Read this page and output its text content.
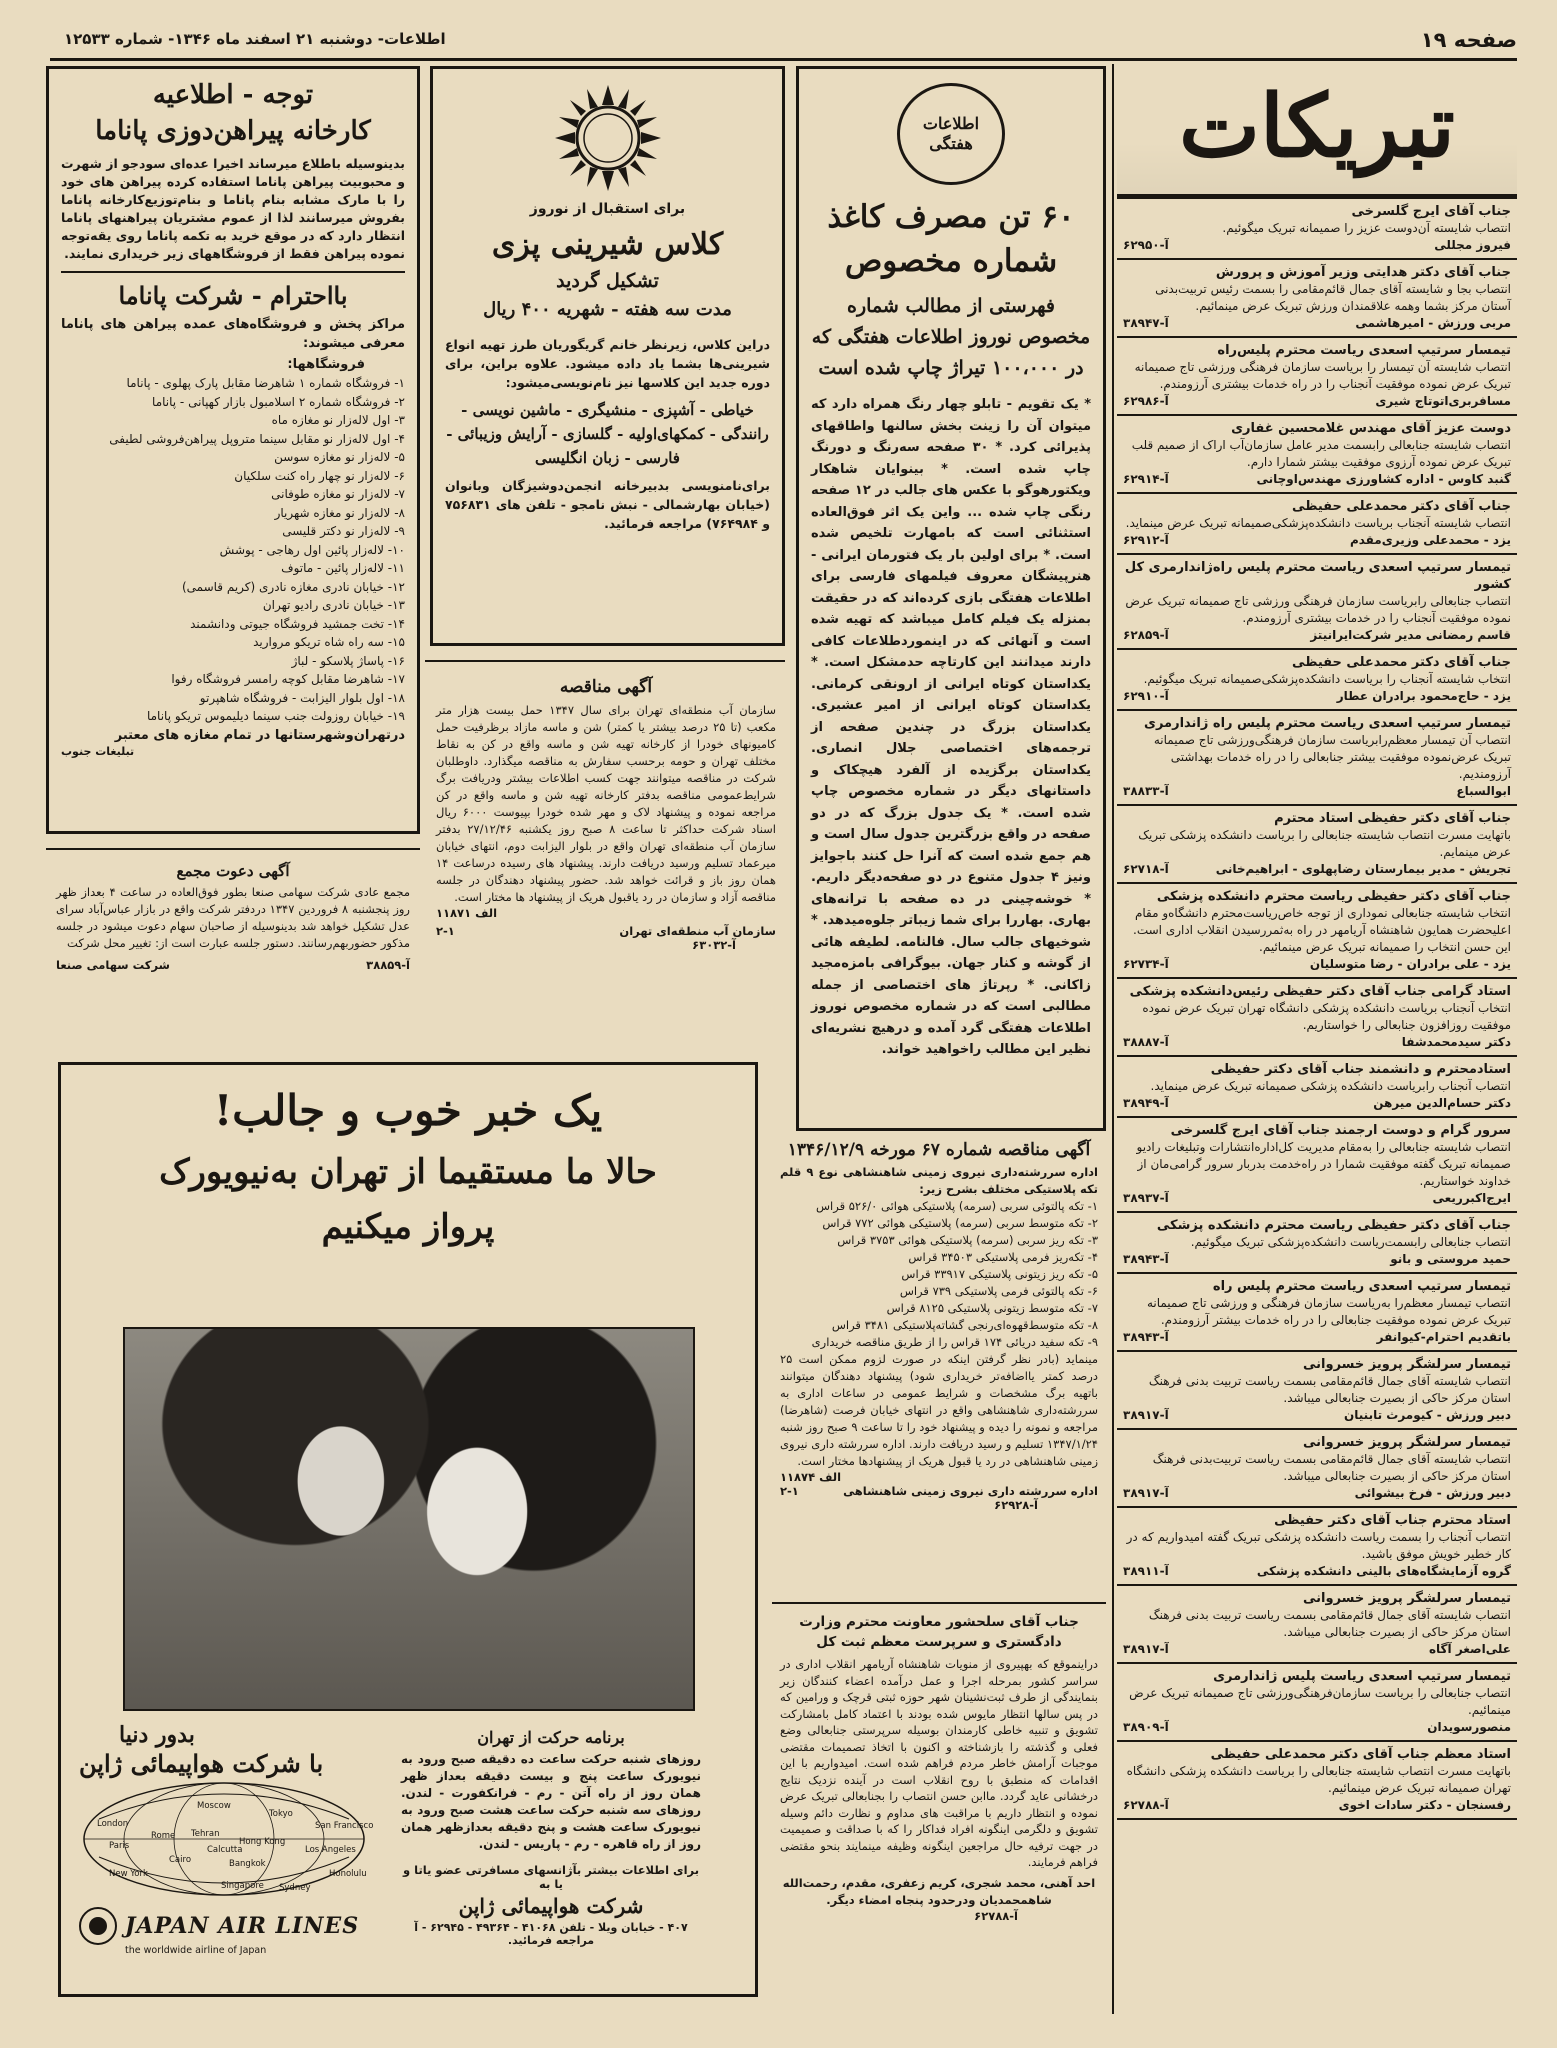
صفحه ۱۹
اطلاعات- دوشنبه ۲۱ اسفند ماه ۱۳۴۶- شماره ۱۲۵۳۳
تبریکات
جناب آقای ایرج گلسرخی
انتصاب شایسته آن‌دوست عزیز را صمیمانه تبریک میگوئیم.
فیروز مجللی
آ-۶۲۹۵۰
جناب آقای دکتر هدایتی وزیر آموزش و پرورش
انتصاب بجا و شایسته آقای جمال قائم‌مقامی را بسمت رئیس تربیت‌بدنی آستان مرکز بشما وهمه علاقمندان ورزش تبریک عرض مینمائیم.
مربی ورزش - امیرهاشمی
آ-۳۸۹۴۷
تیمسار سرتیپ اسعدی ریاست محترم پلیس‌راه
انتصاب شایسته آن تیمسار را بریاست سازمان فرهنگی ورزشی تاج صمیمانه تبریک عرض نموده موفقیت آنجناب را در راه خدمات بیشتری آرزومندم.
مسافربری‌اتوتاج شیری
آ-۶۲۹۸۶
دوست عزیز آقای مهندس غلامحسین غفاری
انتصاب شایسته جنابعالی رابسمت مدیر عامل سازمان‌آب اراک از صمیم قلب تبریک عرض نموده آرزوی موفقیت بیشتر شمارا دارم.
گنبد کاوس - اداره کشاورزی مهندس‌اوچانی
آ-۶۲۹۱۴
جناب آقای دکتر محمدعلی حفیظی
انتصاب شایسته آنجناب بریاست دانشکده‌پزشکی‌صمیمانه تبریک عرض مینماید.
یزد - محمدعلی وزیری‌مقدم
آ-۶۲۹۱۲
تیمسار سرتیپ اسعدی ریاست محترم پلیس راه‌ژاندارمری کل کشور
انتصاب جنابعالی رابریاست سازمان فرهنگی ورزشی تاج صمیمانه تبریک عرض نموده موفقیت آنجناب را در خدمات بیشتری آرزومندم.
قاسم رمضانی مدیر شرکت‌ایرانیتز
آ-۶۲۸۵۹
جناب آقای دکتر محمدعلی حفیظی
انتخاب شایسته آنجناب را بریاست دانشکده‌پزشکی‌صمیمانه تبریک میگوئیم.
یزد - حاج‌محمود برادران عطار
آ-۶۲۹۱۰
تیمسار سرتیپ اسعدی ریاست محترم پلیس راه ژاندارمری
انتصاب آن تیمسار معظم‌رابریاست سازمان فرهنگی‌ورزشی تاج صمیمانه تبریک عرض‌نموده موفقیت بیشتر جنابعالی را در راه خدمات بهداشتی آرزومندیم.
ابوالسباع
آ-۳۸۸۳۳
جناب آقای دکتر حفیظی استاد محترم
باتهایت مسرت انتصاب شایسته جنابعالی را بریاست دانشکده پزشکی تبریک عرض مینمایم.
تجریش - مدیر بیمارستان رضاپهلوی - ابراهیم‌خانی
آ-۶۲۷۱۸
جناب آقای دکتر حفیظی ریاست محترم دانشکده پزشکی
انتخاب شایسته جنابعالی نموداری از توجه خاص‌ریاست‌محترم دانشگاه‌و مقام اعلیحضرت همایون شاهنشاه آریامهر در راه به‌ثمررسیدن انقلاب اداری است. این حسن انتخاب را صمیمانه تبریک عرض مینمائیم.
یزد - علی برادران - رضا متوسلیان
آ-۶۲۷۳۴
استاد گرامی جناب آقای دکتر حفیظی رئیس‌دانشکده پزشکی
انتخاب آنجناب بریاست دانشکده پزشکی دانشگاه تهران تبریک عرض نموده موفقیت روزافزون جنابعالی را خواستاریم.
دکتر سیدمحمدشفا
آ-۳۸۸۸۷
استادمحترم و دانشمند جناب آقای دکتر حفیظی
انتصاب آنجناب رابریاست دانشکده پزشکی صمیمانه تبریک عرض مینماید.
دکتر حسام‌الدین میرهن
آ-۳۸۹۴۹
سرور گرام و دوست ارجمند جناب آقای ایرج گلسرخی
انتصاب شایسته جنابعالی را به‌مقام مدیریت کل‌اداره‌انتشارات وتبلیغات رادیو صمیمانه تبریک گفته موفقیت شمارا در راه‌خدمت بدربار سرور گرامی‌مان از خداوند خواستاریم.
ایرج‌اکبرریعی
آ-۳۸۹۳۷
جناب آقای دکتر حفیظی ریاست محترم دانشکده پزشکی
انتصاب جنابعالی رابسمت‌ریاست دانشکده‌پزشکی تبریک میگوئیم.
حمید مروستی و بانو
آ-۳۸۹۴۳
تیمسار سرتیپ اسعدی ریاست محترم پلیس راه
انتصاب تیمسار معظم‌را به‌ریاست سازمان فرهنگی و ورزشی تاج صمیمانه تبریک عرض نموده موفقیت جنابعالی را در راه خدمات بیشتر آرزومندم.
باتقدیم احترام-کیوانفر
آ-۳۸۹۴۳
تیمسار سرلشگر پرویز خسروانی
انتصاب شایسته آقای جمال قائم‌مقامی بسمت ریاست تربیت بدنی فرهنگ استان مرکز حاکی از بصیرت جنابعالی میباشد.
دبیر ورزش - کیومرث تابنیان
آ-۳۸۹۱۷
تیمسار سرلشگر پرویز خسروانی
انتصاب شایسته آقای جمال قائم‌مقامی بسمت ریاست تربیت‌بدنی فرهنگ استان مرکز حاکی از بصیرت جنابعالی میباشد.
دبیر ورزش - فرخ بیشوائی
آ-۳۸۹۱۷
استاد محترم جناب آقای دکتر حفیظی
انتصاب آنجناب را بسمت ریاست دانشکده پزشکی تبریک گفته امیدواریم که در کار خطیر خویش موفق باشید.
گروه آزمایشگاه‌های بالینی دانشکده پزشکی
آ-۳۸۹۱۱
تیمسار سرلشگر پرویز خسروانی
انتصاب شایسته آقای جمال قائم‌مقامی بسمت ریاست تربیت بدنی فرهنگ استان مرکز حاکی از بصیرت جنابعالی میباشد.
علی‌اصغر آگاه
آ-۳۸۹۱۷
تیمسار سرتیپ اسعدی ریاست پلیس ژاندارمری
انتصاب جنابعالی را بریاست سازمان‌فرهنگی‌ورزشی تاج صمیمانه تبریک عرض مینمائیم.
منصورسویدان
آ-۳۸۹۰۹
استاد معظم جناب آقای دکتر محمدعلی حفیظی
باتهایت مسرت انتصاب شایسته جنابعالی را بریاست دانشکده پزشکی دانشگاه تهران صمیمانه تبریک عرض مینمائیم.
رفسنجان - دکتر سادات اخوی
آ-۶۲۷۸۸
اطلاعات هفتگی
۶۰ تن مصرف کاغذ
شماره مخصوص
فهرستی از مطالب شماره مخصوص نوروز اطلاعات هفتگی که در ۱۰۰،۰۰۰ تیراژ چاپ شده است
* یک تقویم - تابلو چهار رنگ همراه دارد که میتوان آن را زینت بخش سالنها واطاقهای پذیرائی کرد. * ۳۰ صفحه سه‌رنگ و دورنگ چاپ شده است. * بینوایان شاهکار ویکتورهوگو با عکس های جالب در ۱۲ صفحه رنگی چاپ شده ... واین یک اثر فوق‌العاده استثنائی است که بامهارت تلخیص شده است. * برای اولین بار یک فتورمان ایرانی - هنرپیشگان معروف فیلمهای فارسی برای اطلاعات هفتگی بازی کرده‌اند که در حقیقت بمنزله یک فیلم کامل میباشد که تهیه شده است و آنهائی که در اینموردطلاعات کافی دارند میدانند این کارتاچه حدمشکل است. * یکداستان کوتاه ایرانی از ارونقی کرمانی. یکداستان کوتاه ایرانی از امیر عشیری. یکداستان بزرگ در چندین صفحه از ترجمه‌های اختصاصی جلال انصاری. یکداستان برگزیده از آلفرد هیچکاک و داستانهای دیگر در شماره مخصوص چاپ شده است. * یک جدول بزرگ که در دو صفحه در واقع بزرگترین جدول سال است و هم جمع شده است که آنرا حل کنند باجوایز ونیز ۴ جدول متنوع در دو صفحه‌دیگر داریم. * خوشه‌چینی در ده صفحه با ترانه‌های بهاری. بهاررا برای شما زیباتر جلوه‌میدهد. * شوخیهای جالب سال. فالنامه. لطیفه هائی از گوشه و کنار جهان. بیوگرافی بامزه‌مجید زاکانی. * رپرتاژ های اختصاصی از جمله مطالبی است که در شماره مخصوص نوروز اطلاعات هفتگی گرد آمده و درهیچ نشریه‌ای نظیر این مطالب راخواهید خواند.
برای استقبال از نوروز
کلاس شیرینی پزی
تشکیل گردید
مدت سه هفته - شهریه ۴۰۰ ریال
دراین کلاس، زیرنظر خانم گریگوریان طرز تهیه انواع شیرینی‌ها بشما یاد داده میشود. علاوه براین، برای دوره جدید این کلاسها نیز نام‌نویسی‌میشود:
خیاطی - آشپزی - منشیگری - ماشین نویسی - رانندگی - کمکهای‌اولیه - گلسازی - آرایش وزیبائی - فارسی - زبان انگلیسی
برای‌نامنویسی بدبیرخانه انجمن‌دوشیزگان وبانوان (خیابان بهارشمالی - نبش نامجو - تلفن های ۷۵۶۸۳۱ و ۷۶۴۹۸۴) مراجعه فرمائید.
توجه - اطلاعیه
کارخانه پیراهن‌دوزی پاناما
بدینوسیله باطلاع میرساند اخیرا عده‌ای سودجو از شهرت و محبوبیت پیراهن پاناما استفاده کرده پیراهن های خود را با مارک مشابه بنام پاناما و بنام‌توزیع‌کارخانه پاناما بفروش میرسانند لذا از عموم مشتریان پیراهنهای پاناما انتظار دارد که در موقع خرید به تکمه پاناما روی یقه‌توجه نموده پیراهن فقط از فروشگاههای زیر خریداری نمایند.
بااحترام - شرکت پاناما
مراکز پخش و فروشگاه‌های عمده پیراهن های پاناما معرفی میشوند:
فروشگاهها:
۱- فروشگاه شماره ۱ شاهرضا مقابل پارک پهلوی - پاناما
۲- فروشگاه شماره ۲ اسلامبول بازار کهپانی - پاناما
۳- اول لاله‌زار نو مغازه ماه
۴- اول لاله‌زار نو مقابل سینما متروپل پیراهن‌فروشی لطیفی
۵- لاله‌زار نو مغازه سوسن
۶- لاله‌زار نو چهار راه کنت سلکیان
۷- لاله‌زار نو مغازه طوفانی
۸- لاله‌زار نو مغازه شهریار
۹- لاله‌زار نو دکتر قلیسی
۱۰- لاله‌زار پائین اول رهاجی - پوشش
۱۱- لاله‌زار پائین - ماتوف
۱۲- خیابان نادری مغازه نادری (کریم قاسمی)
۱۳- خیابان نادری رادیو تهران
۱۴- تخت جمشید فروشگاه جیوتی ودانشمند
۱۵- سه راه شاه تریکو مروارید
۱۶- پاساژ پلاسکو - لباژ
۱۷- شاهرضا مقابل کوچه رامسر فروشگاه رفوا
۱۸- اول بلوار الیزابت - فروشگاه شاهپرتو
۱۹- خیابان روزولت جنب سینما دیلیموس تریکو پاناما
درتهران‌وشهرستانها در تمام مغازه های معتبر
تبلیغات جنوب
آگهی مناقصه
سازمان آب منطقه‌ای تهران برای سال ۱۳۴۷ حمل بیست هزار متر مکعب (تا ۲۵ درصد بیشتر یا کمتر) شن و ماسه مازاد برظرفیت حمل کامیونهای خودرا از کارخانه تهیه شن و ماسه واقع در کن به نقاط مختلف تهران و حومه برحسب سفارش به مناقصه میگذارد. داوطلبان شرکت در مناقصه میتوانند جهت کسب اطلاعات بیشتر ودریافت برگ شرایط‌عمومی مناقصه بدفتر کارخانه تهیه شن و ماسه واقع در کن مراجعه نموده و پیشنهاد لاک و مهر شده خودرا بپیوست ۶۰۰۰ ریال اسناد شرکت حداکثر تا ساعت ۸ صبح روز یکشنبه ۲۷/۱۲/۴۶ بدفتر سازمان آب منطقه‌ای تهران واقع در بلوار الیزابت دوم، انتهای خیابان میرعماد تسلیم ورسید دریافت دارند. پیشنهاد های رسیده درساعت ۱۴ همان روز باز و قرائت خواهد شد. حضور پیشنهاد دهندگان در جلسه مناقصه آزاد و سازمان در رد یاقبول هریک از پیشنهاد ها مختار است.
الف ۱۱۸۷۱
سازمان آب منطقه‌ای تهران
۲-۱
آ-۶۳۰۳۲
آگهی دعوت مجمع
مجمع عادی شرکت سهامی صنعا بطور فوق‌العاده در ساعت ۴ بعداز ظهر روز پنجشنبه ۸ فروردین ۱۳۴۷ دردفتر شرکت واقع در بازار عباس‌آباد سرای عدل تشکیل خواهد شد بدینوسیله از صاحبان سهام دعوت میشود در جلسه مذکور حضوربهم‌رسانند. دستور جلسه عبارت است از: تغییر محل شرکت
آ-۳۸۸۵۹
شرکت سهامی صنعا
یک خبر خوب و جالب!
حالا ما مستقیما از تهران به‌نیویورک
پرواز میکنیم
بدور دنیا
با شرکت هواپیمائی ژاپن
London
Paris
Rome
New York
Tokyo
San Francisco
Los Angeles
Honolulu
Moscow
Tehran
Cairo
Hong Kong
Bangkok
Singapore Sydney
Calcutta
JAPAN AIR LINES
the worldwide airline of Japan
برنامه حرکت از تهران
روزهای شنبه حرکت ساعت ده دقیقه صبح ورود به نیویورک ساعت پنج و بیست دقیقه بعداز ظهر همان روز از راه آتن - رم - فرانکفورت - لندن. روزهای سه شنبه حرکت ساعت هشت صبح ورود به نیویورک ساعت هشت و پنج دقیقه بعدازظهر همان روز از راه قاهره - رم - پاریس - لندن.
برای اطلاعات بیشتر بآژانسهای مسافرتی عضو یاتا و یا به
شرکت هواپیمائی ژاپن
۴۰۷ - خیابان ویلا - تلفن ۴۱۰۶۸ - ۴۹۳۶۴ - ۶۲۹۴۵ - آ مراجعه فرمائید.
آگهی مناقصه شماره ۶۷ مورخه ۱۳۴۶/۱۲/۹
اداره سررشته‌داری نیروی زمینی شاهنشاهی نوع ۹ قلم تکه پلاستیکی مختلف بشرح زیر:
۱- تکه پالتوئی سربی (سرمه) پلاستیکی هوائی ۵۲۶/۰ قراس
۲- تکه متوسط سربی (سرمه) پلاستیکی هوائی ۷۷۲ قراس
۳- تکه ریز سربی (سرمه) پلاستیکی هوائی ۳۷۵۳ قراس
۴- تکه‌ریز فرمی پلاستیکی ۳۴۵۰۳ قراس
۵- تکه ریز زیتونی پلاستیکی ۳۳۹۱۷ قراس
۶- تکه پالتوئی فرمی پلاستیکی ۷۳۹ قراس
۷- تکه متوسط زیتونی پلاستیکی ۸۱۲۵ قراس
۸- تکه متوسط‌قهوه‌ای‌رنجی گشاته‌پلاستیکی ۳۴۸۱ قراس
۹- تکه سفید دریائی ۱۷۴ قراس را از طریق مناقصه خریداری
مینماید (بادر نظر گرفتن اینکه در صورت لزوم ممکن است ۲۵ درصد کمتر یااضافه‌تر خریداری شود) پیشنهاد دهندگان میتوانند باتهیه برگ مشخصات و شرایط عمومی در ساعات اداری به سررشته‌داری شاهنشاهی واقع در انتهای خیابان فرصت (شاهرضا) مراجعه و نمونه را دیده و پیشنهاد خود را تا ساعت ۹ صبح روز شنبه ۱۳۴۷/۱/۲۴ تسلیم و رسید دریافت دارند. اداره سررشته داری نیروی زمینی شاهنشاهی در رد یا قبول هریک از پیشنهادها مختار است.
الف ۱۱۸۷۴
اداره سررشته داری نیروی زمینی شاهنشاهی
۲-۱
آ-۶۲۹۲۸
جناب آقای سلحشور معاونت محترم وزارت دادگستری و سرپرست معظم ثبت کل
دراینموقع که بهپیروی از منویات شاهنشاه آریامهر انقلاب اداری در سراسر کشور بمرحله اجرا و عمل درآمده اعضاء کنندگان زیر بنمایندگی از طرف ثبت‌نشینان شهر حوزه ثبتی قرچک و ورامین که در پس سالها انتظار مایوس شده بودند با اعتماد کامل بامشارکت تشویق و تنبیه خاطی کارمندان بوسیله سرپرستی جنابعالی وضع فعلی و گذشته را بازشناخته و اکنون با اتخاذ تصمیمات مقتضی موجبات آرامش خاطر مردم فراهم شده است. امیدواریم با این اقدامات که منطبق با روح انقلاب است در آینده نزدیک نتایج درخشانی عاید گردد. ماابن حسن انتصاب را بجنابعالی تبریک عرض نموده و انتظار داریم با مراقبت های مداوم و نظارت دائم وسیله تشویق و دلگرمی اینگونه افراد فداکار را که با صداقت و صمیمیت در جهت ترفیه حال مراجعین اینگونه وظیفه مینمایند بنحو مقتضی فراهم فرمایند.
احد آهنی، محمد شجری، کریم زعفری، مقدم، رحمت‌الله شاهمحمدیان ودرحدود پنجاه امضاء دیگر.
آ-۶۲۷۸۸
